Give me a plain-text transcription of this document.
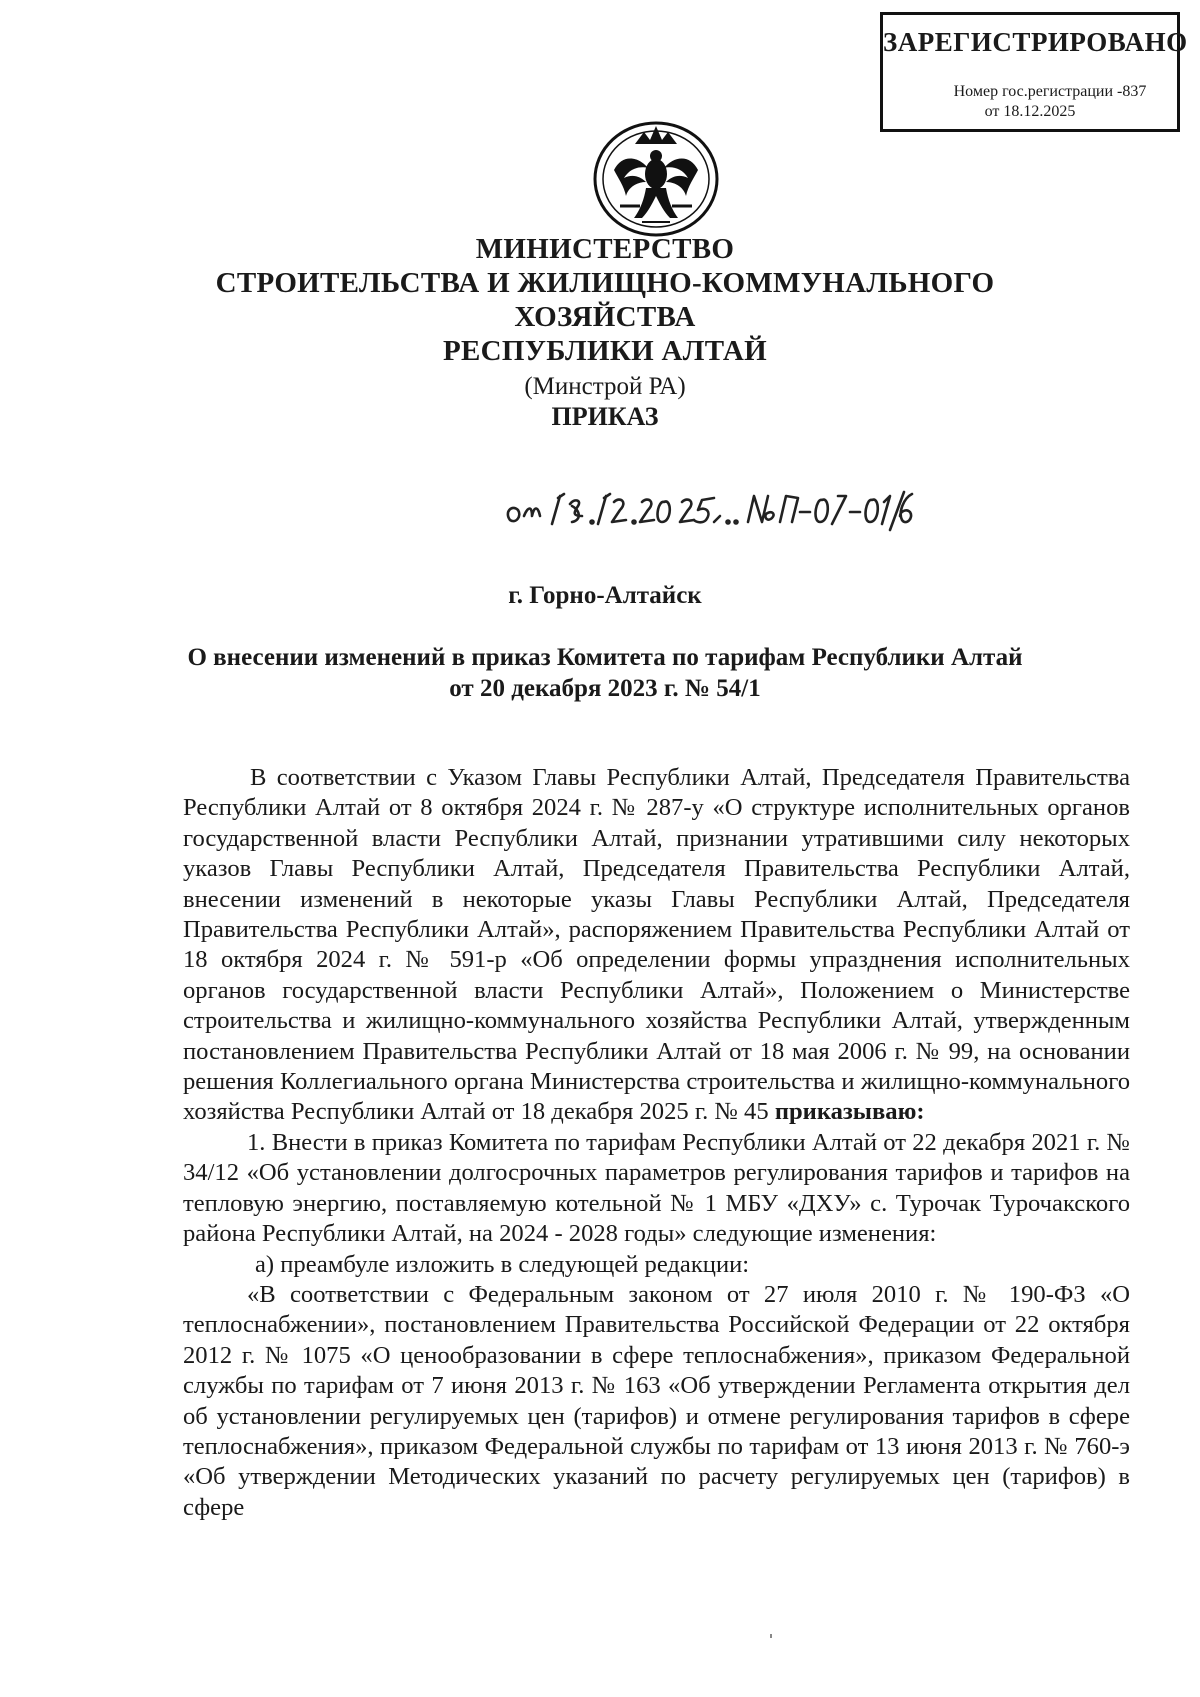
ЗАРЕГИСТРИРОВАНО
Номер гос.регистрации -837
от 18.12.2025
МИНИСТЕРСТВО
СТРОИТЕЛЬСТВА И ЖИЛИЩНО-КОММУНАЛЬНОГО ХОЗЯЙСТВА
РЕСПУБЛИКИ АЛТАЙ
(Минстрой РА)
ПРИКАЗ
г. Горно-Алтайск
О внесении изменений в приказ Комитета по тарифам Республики Алтай
от 20 декабря 2023 г. № 54/1

В соответствии с Указом Главы Республики Алтай, Председателя Правительства Республики Алтай от 8 октября 2024 г. № 287-у «О структуре исполнительных органов государственной власти Республики Алтай, признании утратившими силу некоторых указов Главы Республики Алтай, Председателя Правительства Республики Алтай, внесении изменений в некоторые указы Главы Республики Алтай, Председателя Правительства Республики Алтай», распоряжением Правительства Республики Алтай от 18 октября 2024 г. № 591-р «Об определении формы упразднения исполнительных органов государственной власти Республики Алтай», Положением о Министерстве строительства и жилищно-коммунального хозяйства Республики Алтай, утвержденным постановлением Правительства Республики Алтай от 18 мая 2006 г. № 99, на основании решения Коллегиального органа Министерства строительства и жилищно-коммунального хозяйства Республики Алтай от 18 декабря 2025 г. № 45 приказываю:

1. Внести в приказ Комитета по тарифам Республики Алтай от 22 декабря 2021 г. № 34/12 «Об установлении долгосрочных параметров регулирования тарифов и тарифов на тепловую энергию, поставляемую котельной № 1 МБУ «ДХУ» с. Турочак Турочакского района Республики Алтай, на 2024 - 2028 годы» следующие изменения:

а) преамбуле изложить в следующей редакции:

«В соответствии с Федеральным законом от 27 июля 2010 г. № 190-ФЗ «О теплоснабжении», постановлением Правительства Российской Федерации от 22 октября 2012 г. № 1075 «О ценообразовании в сфере теплоснабжения», приказом Федеральной службы по тарифам от 7 июня 2013 г. № 163 «Об утверждении Регламента открытия дел об установлении регулируемых цен (тарифов) и отмене регулирования тарифов в сфере теплоснабжения», приказом Федеральной службы по тарифам от 13 июня 2013 г. № 760-э «Об утверждении Методических указаний по расчету регулируемых цен (тарифов) в сфере
